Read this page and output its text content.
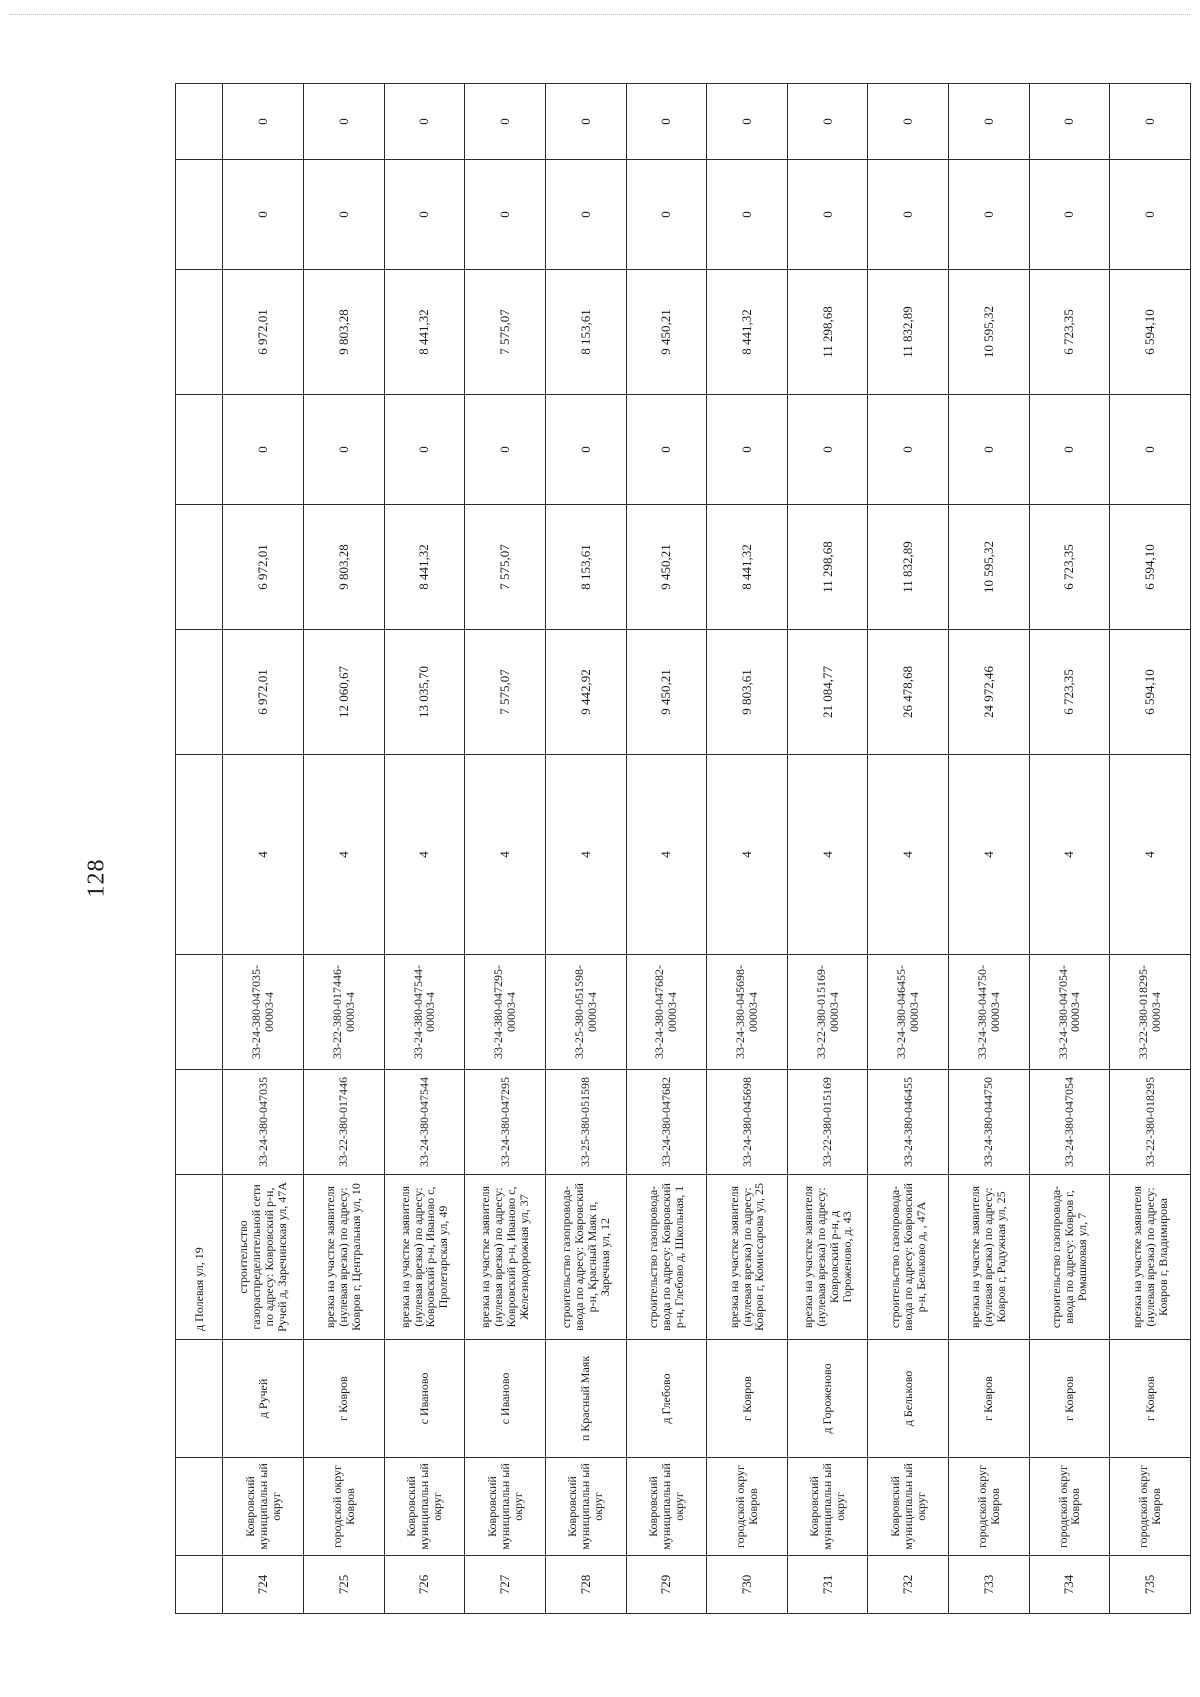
128
			д Полевая ул, 19									
724	Ковровский муниципальн ый округ	д Ручей	строительство газораспределительной сети по адресу: Ковровский р-н, Ручей д, Заречинская ул, 47А	33-24-380-047035	33-24-380-047035-00003-4	4	6 972,01	6 972,01	0	6 972,01	0	0
725	городской округ Ковров	г Ковров	врезка на участке заявителя (нулевая врезка) по адресу: Ковров г, Центральная ул, 10	33-22-380-017446	33-22-380-017446-00003-4	4	12 060,67	9 803,28	0	9 803,28	0	0
726	Ковровский муниципальн ый округ	с Иваново	врезка на участке заявителя (нулевая врезка) по адресу: Ковровский р-н, Иваново с, Пролетарская ул, 49	33-24-380-047544	33-24-380-047544-00003-4	4	13 035,70	8 441,32	0	8 441,32	0	0
727	Ковровский муниципальн ый округ	с Иваново	врезка на участке заявителя (нулевая врезка) по адресу: Ковровский р-н, Иваново с, Железнодорожная ул, 37	33-24-380-047295	33-24-380-047295-00003-4	4	7 575,07	7 575,07	0	7 575,07	0	0
728	Ковровский муниципальн ый округ	п Красный Маяк	строительство газопровода-ввода по адресу: Ковровский р-н, Красный Маяк п, Заречная ул, 12	33-25-380-051598	33-25-380-051598-00003-4	4	9 442,92	8 153,61	0	8 153,61	0	0
729	Ковровский муниципальн ый округ	д Глебово	строительство газопровода-ввода по адресу: Ковровский р-н, Глебово д, Школьная, 1	33-24-380-047682	33-24-380-047682-00003-4	4	9 450,21	9 450,21	0	9 450,21	0	0
730	городской округ Ковров	г Ковров	врезка на участке заявителя (нулевая врезка) по адресу: Ковров г, Комиссарова ул, 25	33-24-380-045698	33-24-380-045698-00003-4	4	9 803,61	8 441,32	0	8 441,32	0	0
731	Ковровский муниципальн ый округ	д Гороженово	врезка на участке заявителя (нулевая врезка) по адресу: Ковровский р-н, д Гороженово, д. 43	33-22-380-015169	33-22-380-015169-00003-4	4	21 084,77	11 298,68	0	11 298,68	0	0
732	Ковровский муниципальн ый округ	д Бельково	строительство газопровода-ввода по адресу: Ковровский р-н, Бельково д, , 47А	33-24-380-046455	33-24-380-046455-00003-4	4	26 478,68	11 832,89	0	11 832,89	0	0
733	городской округ Ковров	г Ковров	врезка на участке заявителя (нулевая врезка) по адресу: Ковров г, Радужная ул, 25	33-24-380-044750	33-24-380-044750-00003-4	4	24 972,46	10 595,32	0	10 595,32	0	0
734	городской округ Ковров	г Ковров	строительство газопровода-ввода по адресу: Ковров г, Ромашковая ул, 7	33-24-380-047054	33-24-380-047054-00003-4	4	6 723,35	6 723,35	0	6 723,35	0	0
735	городской округ Ковров	г Ковров	врезка на участке заявителя (нулевая врезка) по адресу: Ковров г, Владимирова	33-22-380-018295	33-22-380-018295-00003-4	4	6 594,10	6 594,10	0	6 594,10	0	0
